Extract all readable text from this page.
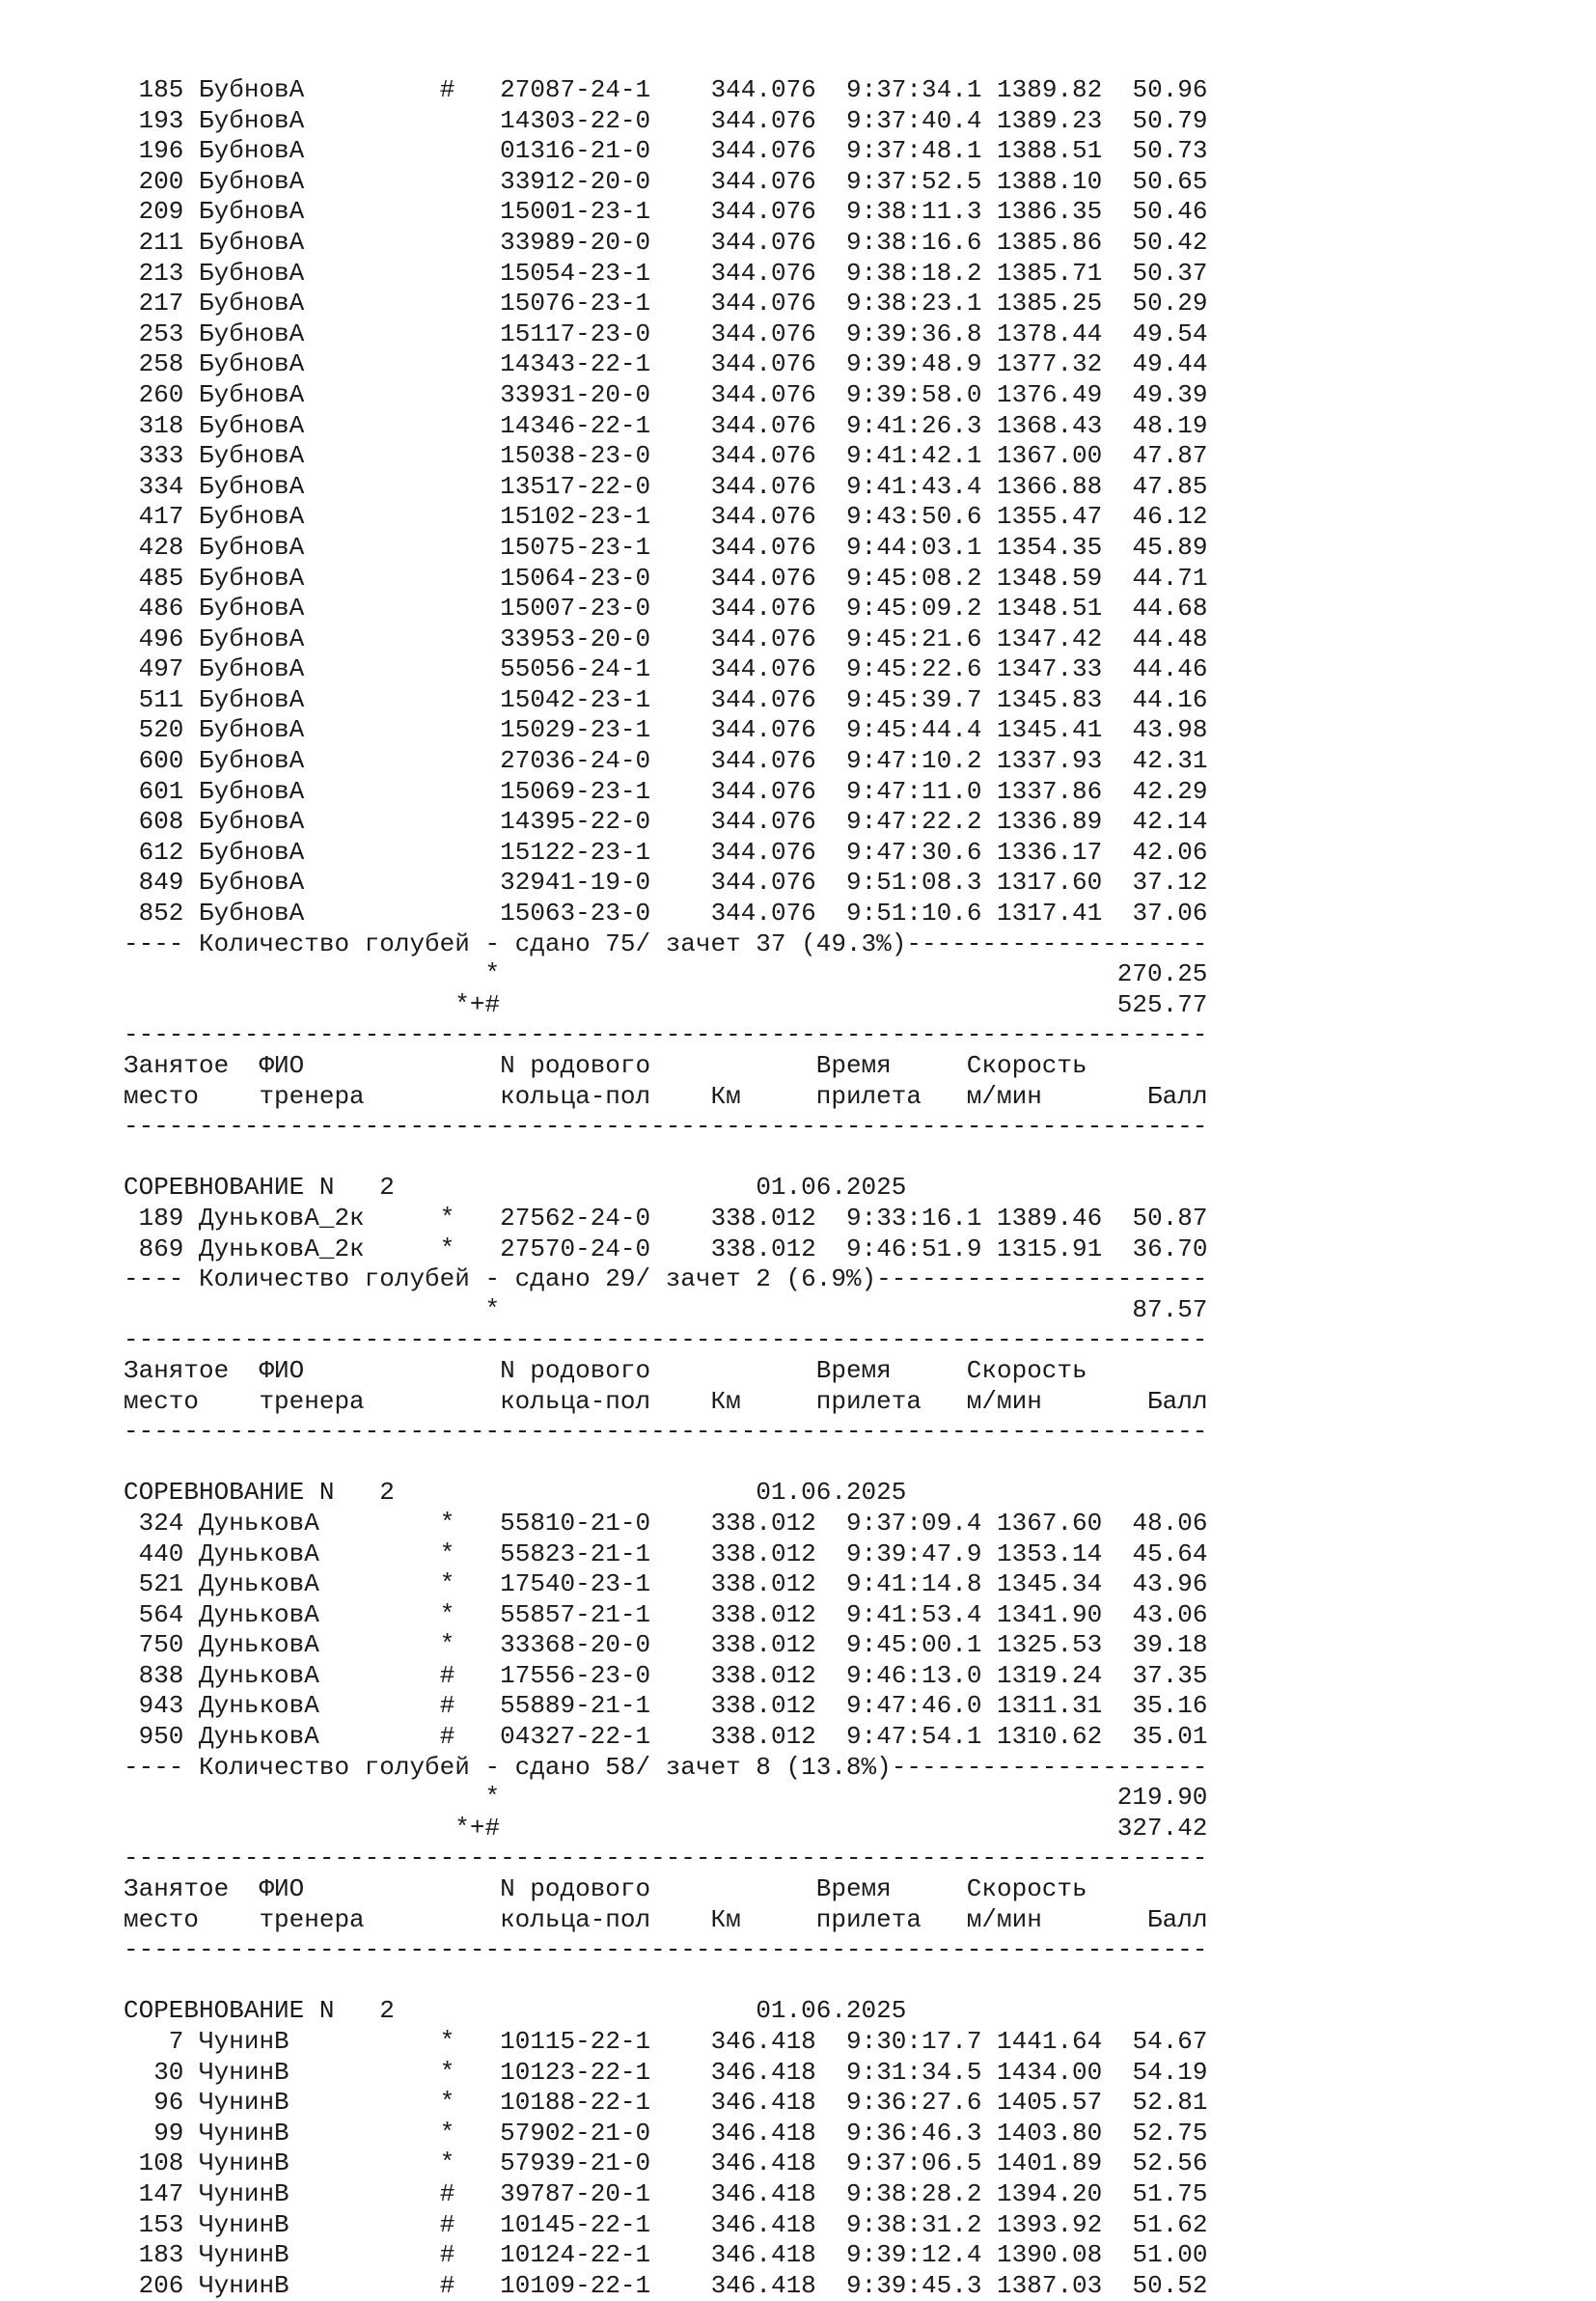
185 БубновA         # 27087-24-1 344.076 9:37:34.1 1389.82 50.96
193 БубновA	14303-22-0 344.076 9:37:40.4 1389.23 50.79
196 БубновA	01316-21-0 344.076 9:37:48.1 1388.51 50.73
200 БубновA	33912-20-0 344.076 9:37:52.5 1388.10 50.65
209 БубновA	15001-23-1 344.076 9:38:11.3 1386.35 50.46
211 БубновA	33989-20-0 344.076 9:38:16.6 1385.86 50.42
213 БубновA	15054-23-1 344.076 9:38:18.2 1385.71 50.37
217 БубновA	15076-23-1 344.076 9:38:23.1 1385.25 50.29
253 БубновA	15117-23-0 344.076 9:39:36.8 1378.44 49.54
258 БубновA	14343-22-1 344.076 9:39:48.9 1377.32 49.44
260 БубновA	33931-20-0 344.076 9:39:58.0 1376.49 49.39
318 БубновA	14346-22-1 344.076 9:41:26.3 1368.43 48.19
333 БубновA	15038-23-0 344.076 9:41:42.1 1367.00 47.87
334 БубновA	13517-22-0 344.076 9:41:43.4 1366.88 47.85
417 БубновA	15102-23-1 344.076 9:43:50.6 1355.47 46.12
428 БубновA	15075-23-1 344.076 9:44:03.1 1354.35 45.89
485 БубновA	15064-23-0 344.076 9:45:08.2 1348.59 44.71
486 БубновA	15007-23-0 344.076 9:45:09.2 1348.51 44.68
496 БубновA	33953-20-0 344.076 9:45:21.6 1347.42 44.48
497 БубновA	55056-24-1 344.076 9:45:22.6 1347.33 44.46
511 БубновA	15042-23-1 344.076 9:45:39.7 1345.83 44.16
520 БубновA	15029-23-1 344.076 9:45:44.4 1345.41 43.98
600 БубновA	27036-24-0 344.076 9:47:10.2 1337.93 42.31
601 БубновA	15069-23-1 344.076 9:47:11.0 1337.86 42.29
608 БубновA	14395-22-0 344.076 9:47:22.2 1336.89 42.14
612 БубновA	15122-23-1 344.076 9:47:30.6 1336.17 42.06
849 БубновA	32941-19-0 344.076 9:51:08.3 1317.60 37.12
852 БубновA	15063-23-0 344.076 9:51:10.6 1317.41 37.06
---- Количество голубей - сдано 75/ зачет 37 (49.3%)--------------------
*	270.25
*+#	525.77
------------------------------------------------------------------------
Занятое  ФИО             N родового	Время     Скорость
место    тренера         кольца-пол    Км     прилета   м/мин       Балл
------------------------------------------------------------------------

СОРЕВНОВАНИЕ N   2                        01.06.2025
189 ДуньковА_2к     * 27562-24-0 338.012 9:33:16.1 1389.46 50.87
869 ДуньковА_2к     * 27570-24-0 338.012 9:46:51.9 1315.91 36.70
---- Количество голубей - сдано 29/ зачет 2 (6.9%)----------------------
*	87.57
------------------------------------------------------------------------
Занятое  ФИО             N родового	Время     Скорость
место    тренера         кольца-пол    Км     прилета   м/мин       Балл
------------------------------------------------------------------------

СОРЕВНОВАНИЕ N   2                        01.06.2025
324 ДуньковA        * 55810-21-0 338.012 9:37:09.4 1367.60 48.06
440 ДуньковA        * 55823-21-1 338.012 9:39:47.9 1353.14 45.64
521 ДуньковA        * 17540-23-1 338.012 9:41:14.8 1345.34 43.96
564 ДуньковA        * 55857-21-1 338.012 9:41:53.4 1341.90 43.06
750 ДуньковA        * 33368-20-0 338.012 9:45:00.1 1325.53 39.18
838 ДуньковA        # 17556-23-0 338.012 9:46:13.0 1319.24 37.35
943 ДуньковA        # 55889-21-1 338.012 9:47:46.0 1311.31 35.16
950 ДуньковA        # 04327-22-1 338.012 9:47:54.1 1310.62 35.01
---- Количество голубей - сдано 58/ зачет 8 (13.8%)---------------------
*	219.90
*+#	327.42
------------------------------------------------------------------------
Занятое  ФИО             N родового	Время     Скорость
место    тренера         кольца-пол    Км     прилета   м/мин       Балл
------------------------------------------------------------------------

СОРЕВНОВАНИЕ N   2                        01.06.2025
7 ЧунинB          * 10115-22-1 346.418 9:30:17.7 1441.64 54.67
30 ЧунинB          * 10123-22-1 346.418 9:31:34.5 1434.00 54.19
96 ЧунинB          * 10188-22-1 346.418 9:36:27.6 1405.57 52.81
99 ЧунинB          * 57902-21-0 346.418 9:36:46.3 1403.80 52.75
108 ЧунинB          * 57939-21-0 346.418 9:37:06.5 1401.89 52.56
147 ЧунинB          # 39787-20-1 346.418 9:38:28.2 1394.20 51.75
153 ЧунинB          # 10145-22-1 346.418 9:38:31.2 1393.92 51.62
183 ЧунинB          # 10124-22-1 346.418 9:39:12.4 1390.08 51.00
206 ЧунинB          # 10109-22-1 346.418 9:39:45.3 1387.03 50.52
